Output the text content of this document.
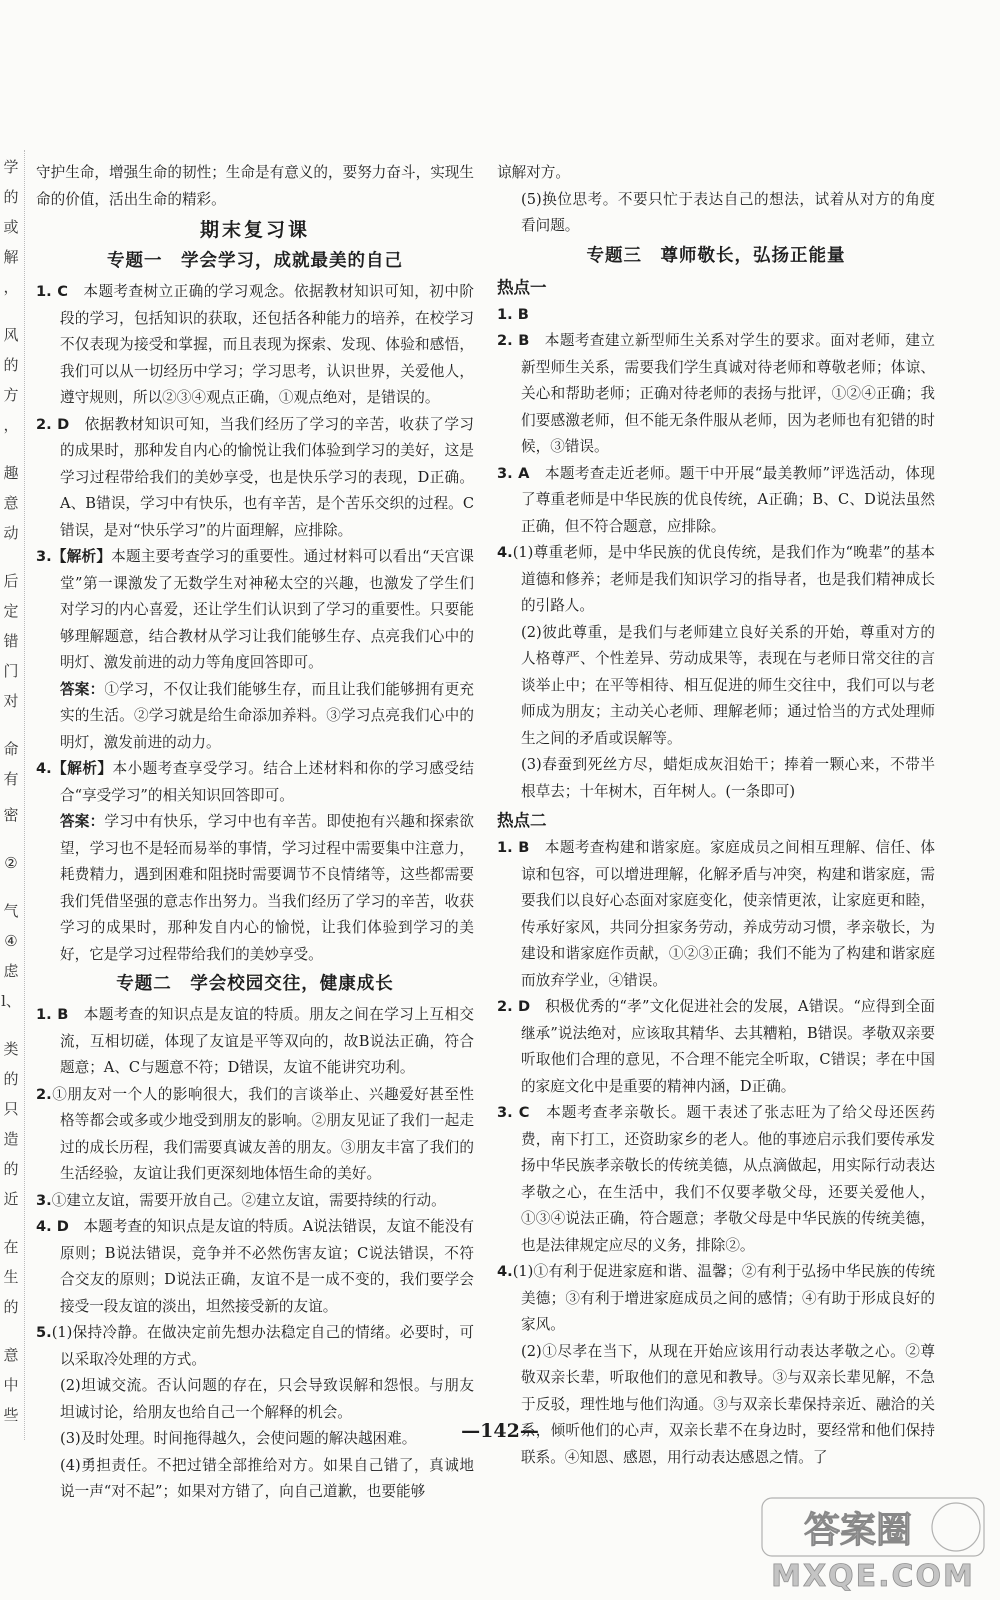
学
的
或
解
，
风
的
方
，
趣
意
动
后
定
错
门
对
命
有
密
②
气
④
虑
l、
类
的
只
造
的
近
在
生
的
意
中
些

守护生命，增强生命的韧性；生命是有意义的，要努力奋斗，实现生命的价值，活出生命的精彩。

期末复习课
专题一　学会学习，成就最美的自己

1. C　本题考查树立正确的学习观念。依据教材知识可知，初中阶段的学习，包括知识的获取，还包括各种能力的培养，在校学习不仅表现为接受和掌握，而且表现为探索、发现、体验和感悟，我们可以从一切经历中学习；学习思考，认识世界，关爱他人，遵守规则，所以②③④观点正确，①观点绝对，是错误的。

2. D　依据教材知识可知，当我们经历了学习的辛苦，收获了学习的成果时，那种发自内心的愉悦让我们体验到学习的美好，这是学习过程带给我们的美妙享受，也是快乐学习的表现，D正确。A、B错误，学习中有快乐，也有辛苦，是个苦乐交织的过程。C错误，是对“快乐学习”的片面理解，应排除。

3.【解析】本题主要考查学习的重要性。通过材料可以看出“天宫课堂”第一课激发了无数学生对神秘太空的兴趣，也激发了学生们对学习的内心喜爱，还让学生们认识到了学习的重要性。只要能够理解题意，结合教材从学习让我们能够生存、点亮我们心中的明灯、激发前进的动力等角度回答即可。

答案：①学习，不仅让我们能够生存，而且让我们能够拥有更充实的生活。②学习就是给生命添加养料。③学习点亮我们心中的明灯，激发前进的动力。

4.【解析】本小题考查享受学习。结合上述材料和你的学习感受结合“享受学习”的相关知识回答即可。

答案：学习中有快乐，学习中也有辛苦。即使抱有兴趣和探索欲望，学习也不是轻而易举的事情，学习过程中需要集中注意力，耗费精力，遇到困难和阻挠时需要调节不良情绪等，这些都需要我们凭借坚强的意志作出努力。当我们经历了学习的辛苦，收获学习的成果时，那种发自内心的愉悦，让我们体验到学习的美好，它是学习过程带给我们的美妙享受。

专题二　学会校园交往，健康成长

1. B　本题考查的知识点是友谊的特质。朋友之间在学习上互相交流，互相切磋，体现了友谊是平等双向的，故B说法正确，符合题意；A、C与题意不符；D错误，友谊不能讲究功利。

2.①朋友对一个人的影响很大，我们的言谈举止、兴趣爱好甚至性格等都会或多或少地受到朋友的影响。②朋友见证了我们一起走过的成长历程，我们需要真诚友善的朋友。③朋友丰富了我们的生活经验，友谊让我们更深刻地体悟生命的美好。

3.①建立友谊，需要开放自己。②建立友谊，需要持续的行动。

4. D　本题考查的知识点是友谊的特质。A说法错误，友谊不能没有原则；B说法错误，竞争并不必然伤害友谊；C说法错误，不符合交友的原则；D说法正确，友谊不是一成不变的，我们要学会接受一段友谊的淡出，坦然接受新的友谊。

5.(1)保持冷静。在做决定前先想办法稳定自己的情绪。必要时，可以采取冷处理的方式。

(2)坦诚交流。否认问题的存在，只会导致误解和怨恨。与朋友坦诚讨论，给朋友也给自己一个解释的机会。

(3)及时处理。时间拖得越久，会使问题的解决越困难。

(4)勇担责任。不把过错全部推给对方。如果自己错了，真诚地说一声“对不起”；如果对方错了，向自己道歉，也要能够

谅解对方。

(5)换位思考。不要只忙于表达自己的想法，试着从对方的角度看问题。

专题三　尊师敬长，弘扬正能量
热点一

1. B

2. B　本题考查建立新型师生关系对学生的要求。面对老师，建立新型师生关系，需要我们学生真诚对待老师和尊敬老师；体谅、关心和帮助老师；正确对待老师的表扬与批评，①②④正确；我们要感激老师，但不能无条件服从老师，因为老师也有犯错的时候，③错误。

3. A　本题考查走近老师。题干中开展“最美教师”评选活动，体现了尊重老师是中华民族的优良传统，A正确；B、C、D说法虽然正确，但不符合题意，应排除。

4.(1)尊重老师，是中华民族的优良传统，是我们作为“晚辈”的基本道德和修养；老师是我们知识学习的指导者，也是我们精神成长的引路人。

(2)彼此尊重，是我们与老师建立良好关系的开始，尊重对方的人格尊严、个性差异、劳动成果等，表现在与老师日常交往的言谈举止中；在平等相待、相互促进的师生交往中，我们可以与老师成为朋友；主动关心老师、理解老师；通过恰当的方式处理师生之间的矛盾或误解等。

(3)春蚕到死丝方尽，蜡炬成灰泪始干；捧着一颗心来，不带半根草去；十年树木，百年树人。(一条即可)

热点二

1. B　本题考查构建和谐家庭。家庭成员之间相互理解、信任、体谅和包容，可以增进理解，化解矛盾与冲突，构建和谐家庭，需要我们以良好心态面对家庭变化，使亲情更浓，让家庭更和睦，传承好家风，共同分担家务劳动，养成劳动习惯，孝亲敬长，为建设和谐家庭作贡献，①②③正确；我们不能为了构建和谐家庭而放弃学业，④错误。

2. D　积极优秀的“孝”文化促进社会的发展，A错误。“应得到全面继承”说法绝对，应该取其精华、去其糟粕，B错误。孝敬双亲要听取他们合理的意见，不合理不能完全听取，C错误；孝在中国的家庭文化中是重要的精神内涵，D正确。

3. C　本题考查孝亲敬长。题干表述了张志旺为了给父母还医药费，南下打工，还资助家乡的老人。他的事迹启示我们要传承发扬中华民族孝亲敬长的传统美德，从点滴做起，用实际行动表达孝敬之心，在生活中，我们不仅要孝敬父母，还要关爱他人，①③④说法正确，符合题意；孝敬父母是中华民族的传统美德，也是法律规定应尽的义务，排除②。

4.(1)①有利于促进家庭和谐、温馨；②有利于弘扬中华民族的传统美德；③有利于增进家庭成员之间的感情；④有助于形成良好的家风。

(2)①尽孝在当下，从现在开始应该用行动表达孝敬之心。②尊敬双亲长辈，听取他们的意见和教导。③与双亲长辈见解，不急于反驳，理性地与他们沟通。③与双亲长辈保持亲近、融洽的关系，倾听他们的心声，双亲长辈不在身边时，要经常和他们保持联系。④知恩、感恩，用行动表达感恩之情。了

—142—
答案圈
MXQE.COM
